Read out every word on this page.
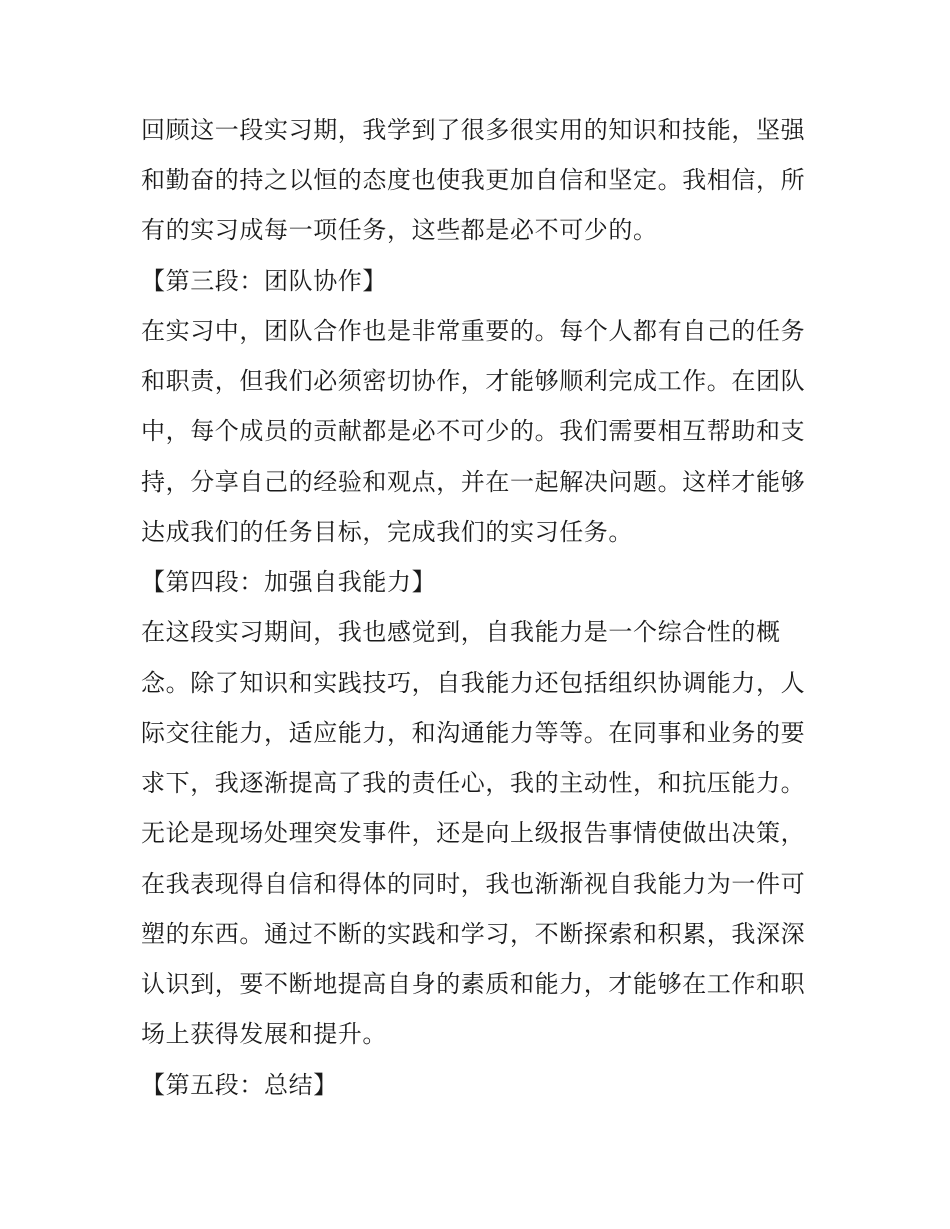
回顾这一段实习期，我学到了很多很实用的知识和技能，坚强
和勤奋的持之以恒的态度也使我更加自信和坚定。我相信，所
有的实习成每一项任务，这些都是必不可少的。
【第三段：团队协作】
在实习中，团队合作也是非常重要的。每个人都有自己的任务
和职责，但我们必须密切协作，才能够顺利完成工作。在团队
中，每个成员的贡献都是必不可少的。我们需要相互帮助和支
持，分享自己的经验和观点，并在一起解决问题。这样才能够
达成我们的任务目标，完成我们的实习任务。
【第四段：加强自我能力】
在这段实习期间，我也感觉到，自我能力是一个综合性的概
念。除了知识和实践技巧，自我能力还包括组织协调能力，人
际交往能力，适应能力，和沟通能力等等。在同事和业务的要
求下，我逐渐提高了我的责任心，我的主动性，和抗压能力。
无论是现场处理突发事件，还是向上级报告事情使做出决策，
在我表现得自信和得体的同时，我也渐渐视自我能力为一件可
塑的东西。通过不断的实践和学习，不断探索和积累，我深深
认识到，要不断地提高自身的素质和能力，才能够在工作和职
场上获得发展和提升。
【第五段：总结】
